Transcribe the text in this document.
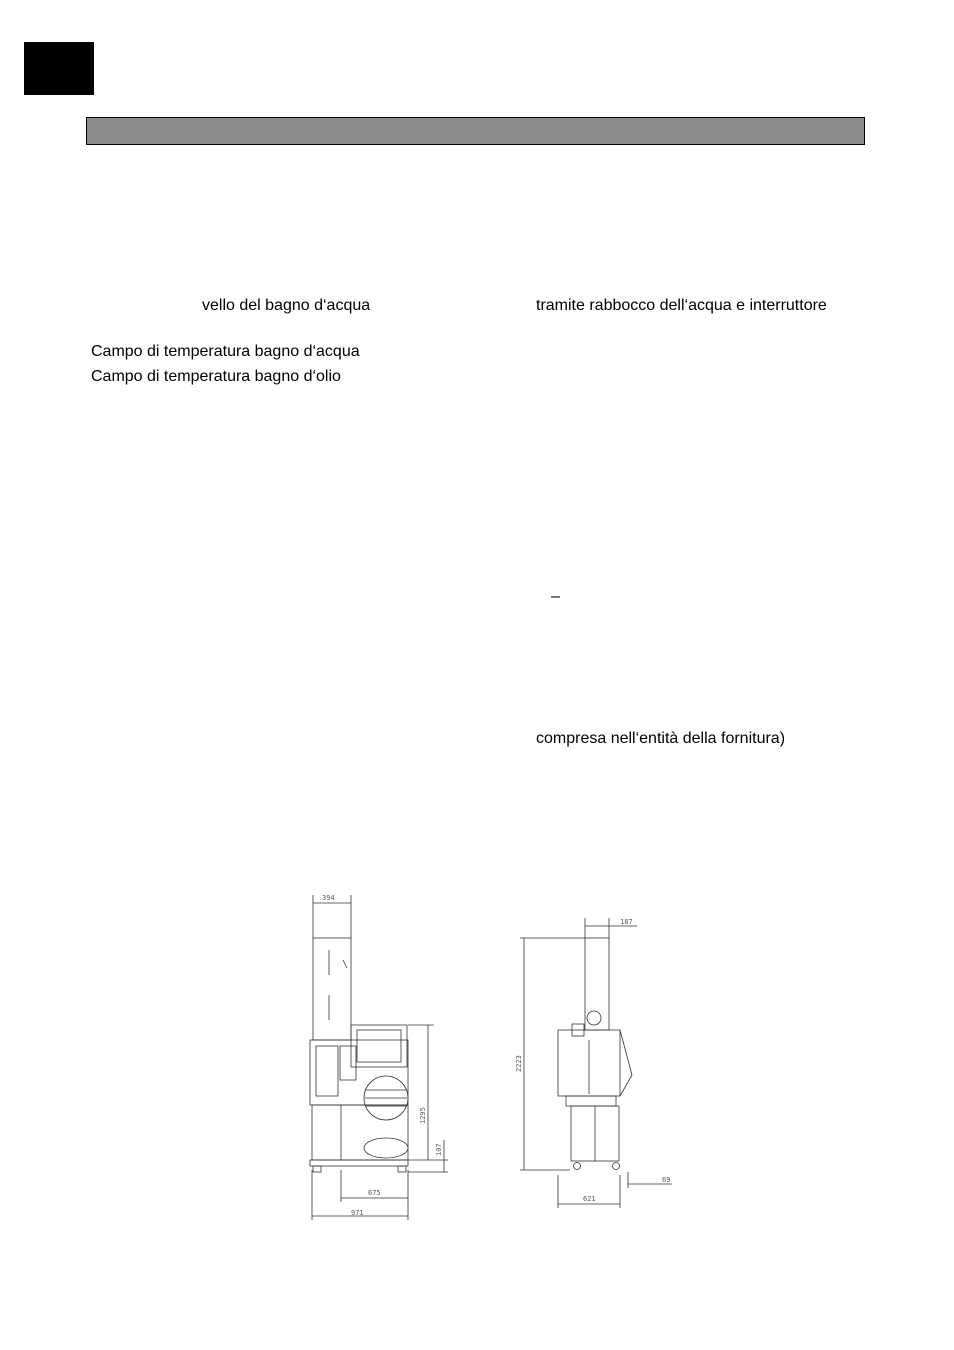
vello del bagno d‘acqua
Campo di temperatura bagno d‘acqua
Campo di temperatura bagno d‘olio
tramite rabbocco dell‘acqua e interruttore
–
compresa nell‘entità della fornitura)
394
1295
107
675
971
187
2223
621
69
